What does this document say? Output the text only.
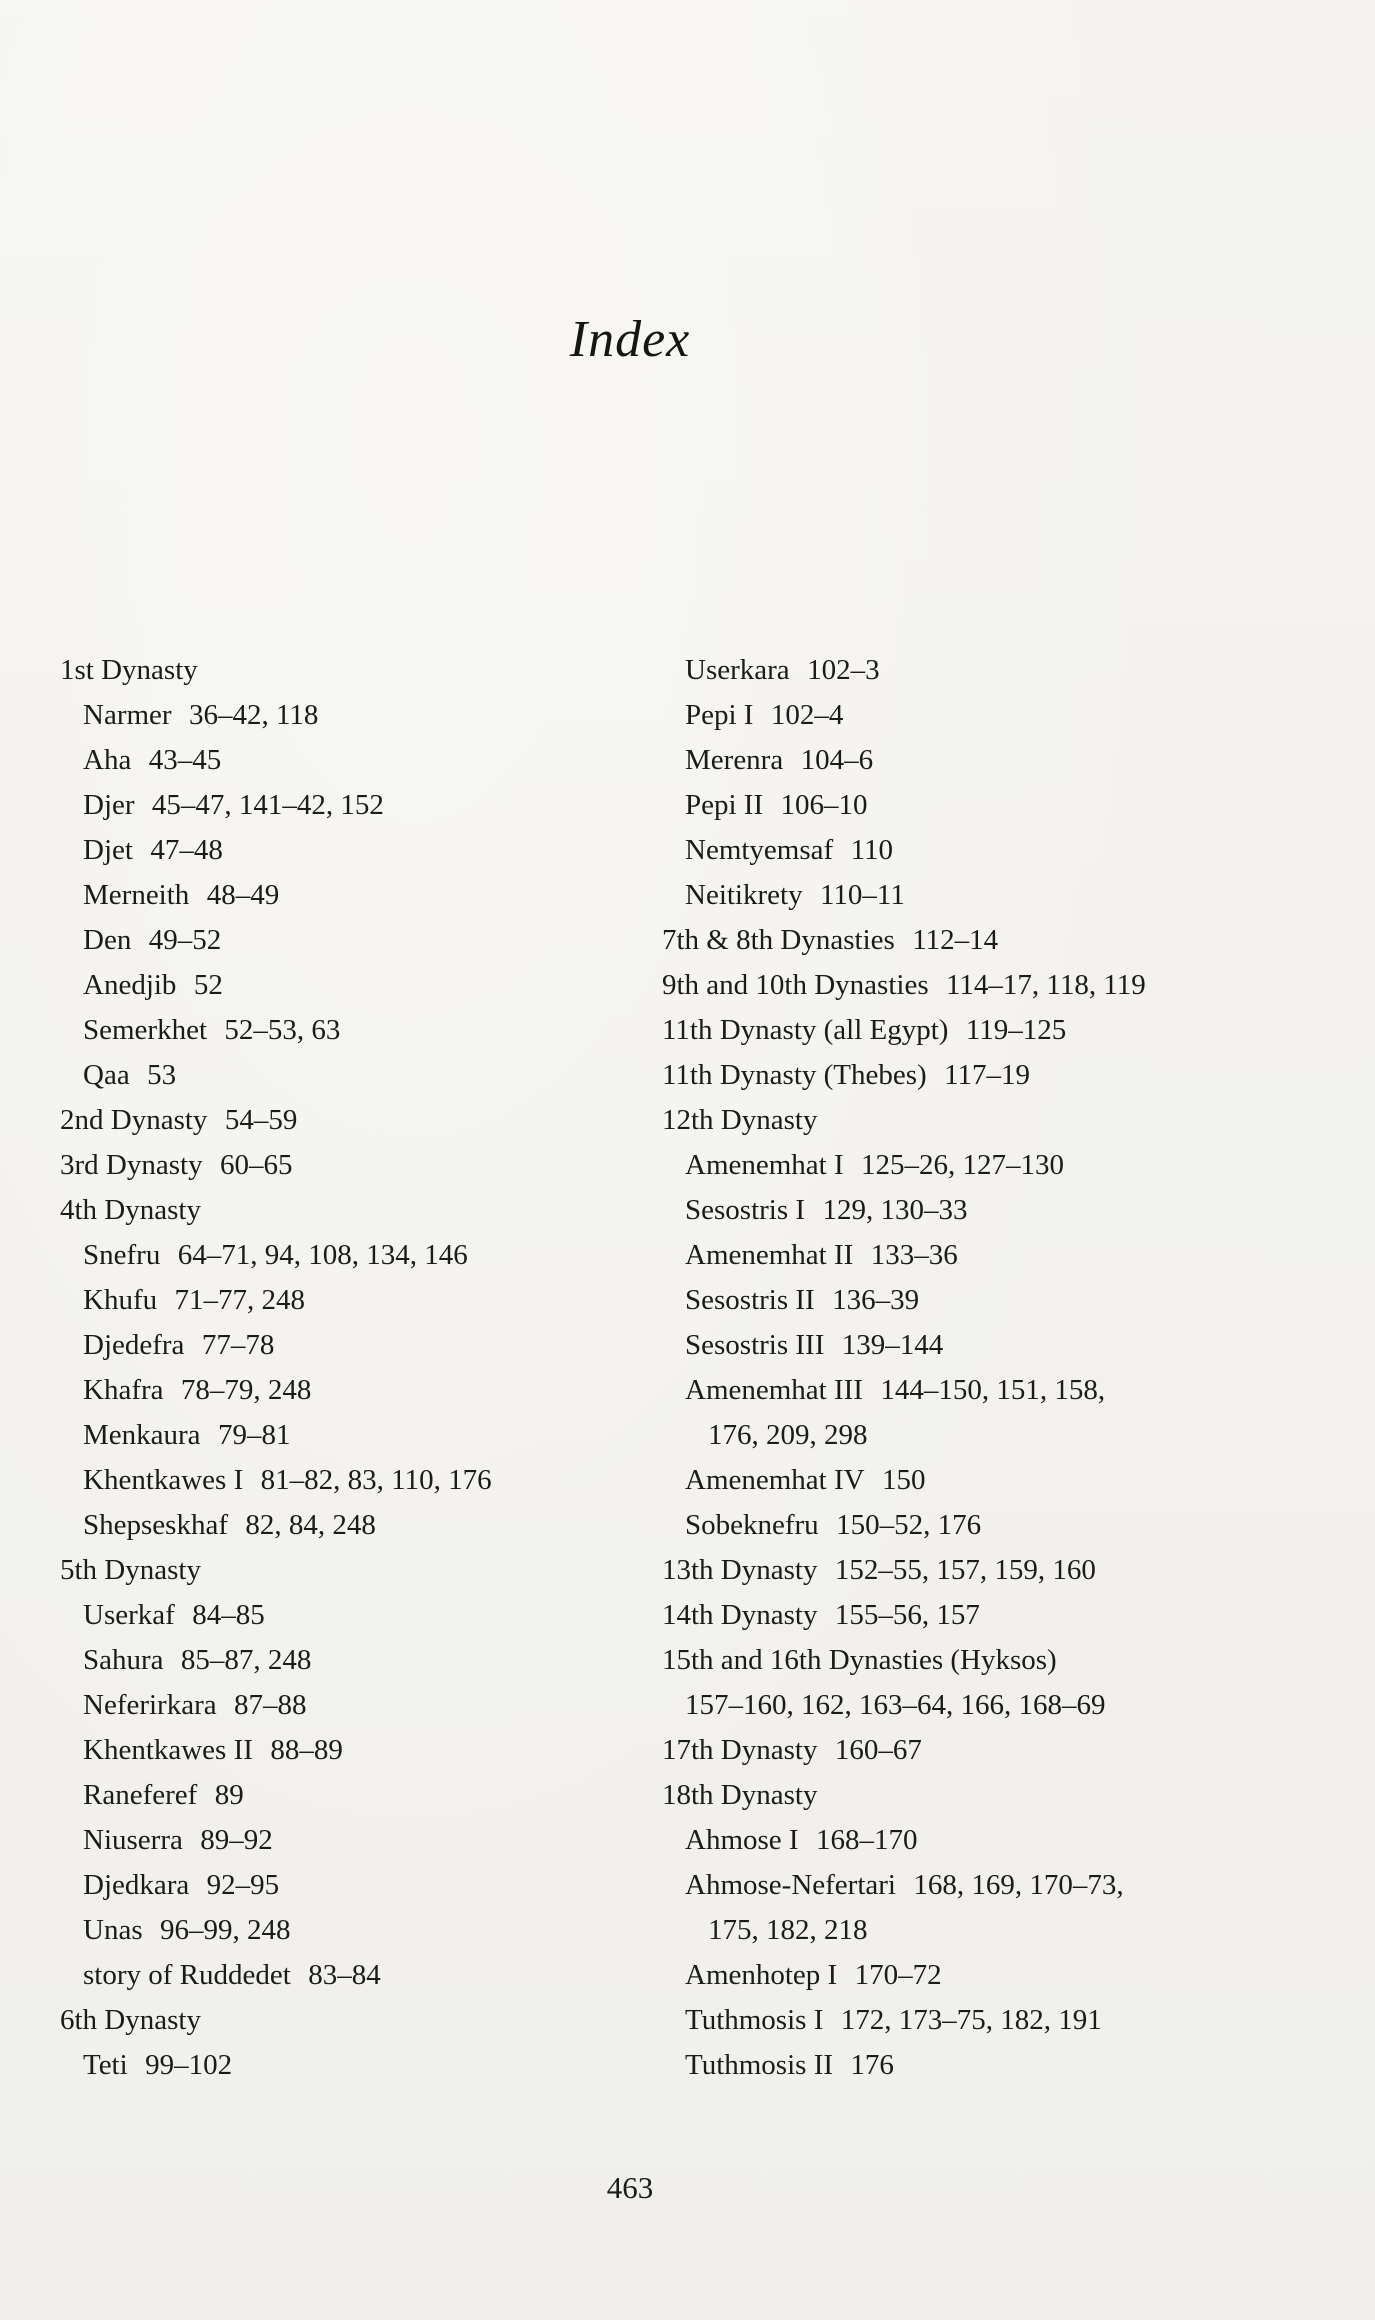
Index
1st Dynasty
Narmer 36–42, 118
Aha 43–45
Djer 45–47, 141–42, 152
Djet 47–48
Merneith 48–49
Den 49–52
Anedjib 52
Semerkhet 52–53, 63
Qaa 53
2nd Dynasty 54–59
3rd Dynasty 60–65
4th Dynasty
Snefru 64–71, 94, 108, 134, 146
Khufu 71–77, 248
Djedefra 77–78
Khafra 78–79, 248
Menkaura 79–81
Khentkawes I 81–82, 83, 110, 176
Shepseskhaf 82, 84, 248
5th Dynasty
Userkaf 84–85
Sahura 85–87, 248
Neferirkara 87–88
Khentkawes II 88–89
Raneferef 89
Niuserra 89–92
Djedkara 92–95
Unas 96–99, 248
story of Ruddedet 83–84
6th Dynasty
Teti 99–102
Userkara 102–3
Pepi I 102–4
Merenra 104–6
Pepi II 106–10
Nemtyemsaf 110
Neitikrety 110–11
7th & 8th Dynasties 112–14
9th and 10th Dynasties 114–17, 118, 119
11th Dynasty (all Egypt) 119–125
11th Dynasty (Thebes) 117–19
12th Dynasty
Amenemhat I 125–26, 127–130
Sesostris I 129, 130–33
Amenemhat II 133–36
Sesostris II 136–39
Sesostris III 139–144
Amenemhat III 144–150, 151, 158,
176, 209, 298
Amenemhat IV 150
Sobeknefru 150–52, 176
13th Dynasty 152–55, 157, 159, 160
14th Dynasty 155–56, 157
15th and 16th Dynasties (Hyksos)
157–160, 162, 163–64, 166, 168–69
17th Dynasty 160–67
18th Dynasty
Ahmose I 168–170
Ahmose-Nefertari 168, 169, 170–73,
175, 182, 218
Amenhotep I 170–72
Tuthmosis I 172, 173–75, 182, 191
Tuthmosis II 176
463
